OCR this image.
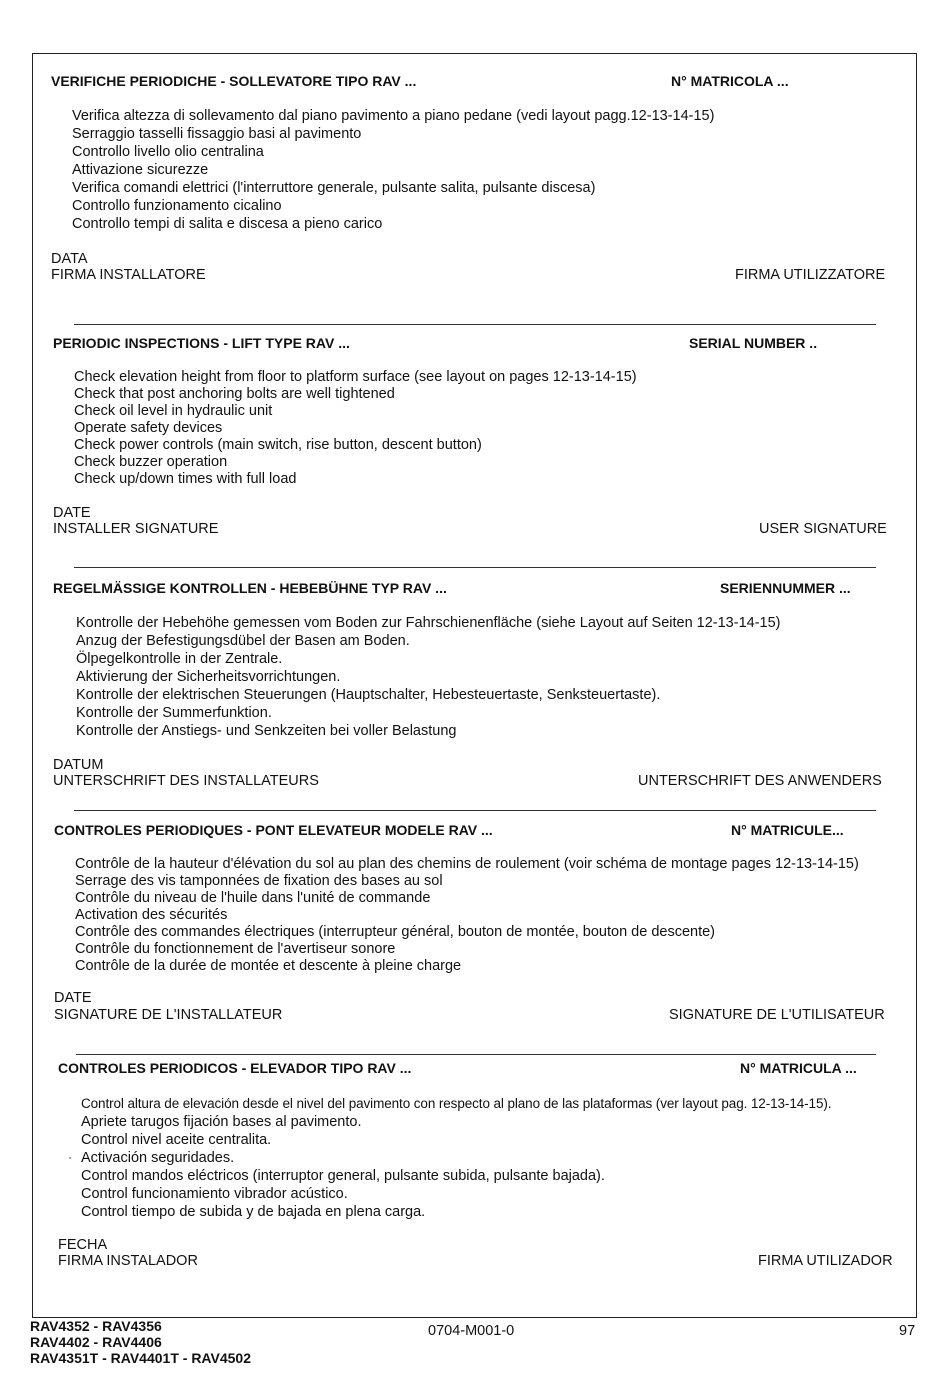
VERIFICHE PERIODICHE - SOLLEVATORE TIPO RAV ...	N° MATRICOLA ...
Verifica altezza di sollevamento dal piano pavimento a piano pedane (vedi layout pagg.12-13-14-15)
Serraggio tasselli fissaggio basi al pavimento
Controllo livello olio centralina
Attivazione sicurezze
Verifica comandi elettrici (l'interruttore generale, pulsante salita, pulsante discesa)
Controllo funzionamento cicalino
Controllo tempi di salita e discesa a pieno carico
DATA
FIRMA INSTALLATORE	FIRMA UTILIZZATORE
PERIODIC INSPECTIONS - LIFT TYPE RAV ...	SERIAL NUMBER ..
Check elevation height from floor to platform surface (see layout on pages 12-13-14-15)
Check that post anchoring bolts are well tightened
Check oil level in hydraulic unit
Operate safety devices
Check power controls (main switch, rise button, descent button)
Check buzzer operation
Check up/down times with full load
DATE
INSTALLER SIGNATURE	USER SIGNATURE
REGELMÄSSIGE KONTROLLEN - HEBEBÜHNE TYP RAV ...	SERIENNUMMER ...
Kontrolle der Hebehöhe gemessen vom Boden zur Fahrschienenfläche (siehe Layout auf Seiten 12-13-14-15)
Anzug der Befestigungsdübel der Basen am Boden.
Ölpegelkontrolle in der Zentrale.
Aktivierung der Sicherheitsvorrichtungen.
Kontrolle der elektrischen Steuerungen (Hauptschalter, Hebesteuertaste, Senksteuertaste).
Kontrolle der Summerfunktion.
Kontrolle der Anstiegs- und Senkzeiten bei voller Belastung
DATUM
UNTERSCHRIFT DES INSTALLATEURS	UNTERSCHRIFT DES ANWENDERS
CONTROLES PERIODIQUES - PONT ELEVATEUR MODELE RAV ...	N° MATRICULE...
Contrôle de la hauteur d'élévation du sol au plan des chemins de roulement (voir schéma de montage pages 12-13-14-15)
Serrage des vis tamponnées de fixation des bases au sol
Contrôle du niveau de l'huile dans l'unité de commande
Activation des sécurités
Contrôle des commandes électriques (interrupteur général, bouton de montée, bouton de descente)
Contrôle du fonctionnement de l'avertiseur sonore
Contrôle de la durée de montée et descente à pleine charge
DATE
SIGNATURE DE L'INSTALLATEUR	SIGNATURE DE L'UTILISATEUR
CONTROLES PERIODICOS - ELEVADOR TIPO RAV ...	N° MATRICULA ...
Control altura de elevación desde el nivel del pavimento con respecto al plano de las plataformas (ver layout pag. 12-13-14-15).
Apriete tarugos fijación bases al pavimento.
Control nivel aceite centralita.
Activación seguridades.
Control mandos eléctricos (interruptor general, pulsante subida, pulsante bajada).
Control funcionamiento vibrador acústico.
Control tiempo de subida y de bajada en plena carga.
·
FECHA
FIRMA INSTALADOR	FIRMA UTILIZADOR
RAV4352 - RAV4356
RAV4402 - RAV4406
RAV4351T - RAV4401T - RAV4502
0704-M001-0	97
